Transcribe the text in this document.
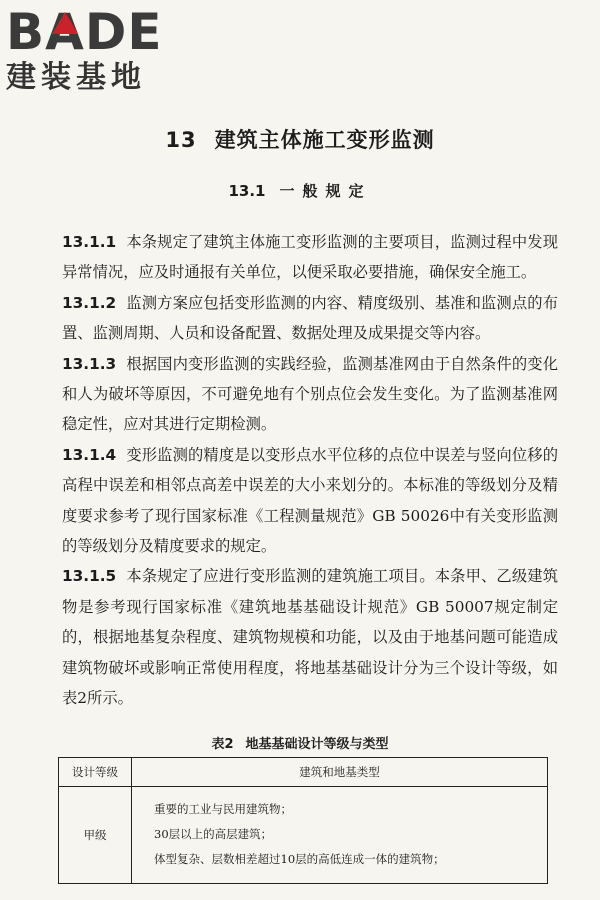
B A DE
建装基地
13 建筑主体施工变形监测
13.1 一般规定

13.1.1 本条规定了建筑主体施工变形监测的主要项目，监测过程中发现异常情况，应及时通报有关单位，以便采取必要措施，确保安全施工。

13.1.2 监测方案应包括变形监测的内容、精度级别、基准和监测点的布置、监测周期、人员和设备配置、数据处理及成果提交等内容。

13.1.3 根据国内变形监测的实践经验，监测基准网由于自然条件的变化和人为破坏等原因，不可避免地有个别点位会发生变化。为了监测基准网稳定性，应对其进行定期检测。

13.1.4 变形监测的精度是以变形点水平位移的点位中误差与竖向位移的高程中误差和相邻点高差中误差的大小来划分的。本标准的等级划分及精度要求参考了现行国家标准《工程测量规范》GB 50026中有关变形监测的等级划分及精度要求的规定。

13.1.5 本条规定了应进行变形监测的建筑施工项目。本条甲、乙级建筑物是参考现行国家标准《建筑地基基础设计规范》GB 50007规定制定的，根据地基复杂程度、建筑物规模和功能，以及由于地基问题可能造成建筑物破坏或影响正常使用程度，将地基基础设计分为三个设计等级，如表2所示。

表2 地基基础设计等级与类型
设计等级	建筑和地基类型
甲级	重要的工业与民用建筑物；
30层以上的高层建筑；
体型复杂、层数相差超过10层的高低连成一体的建筑物；
